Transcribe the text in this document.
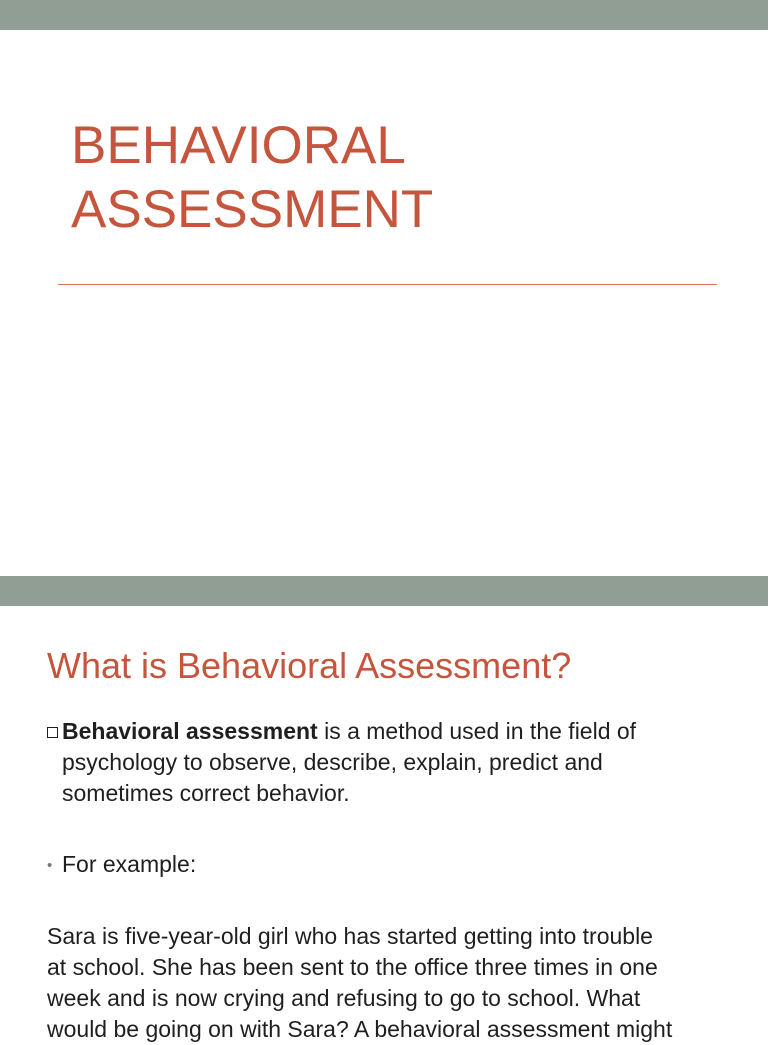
BEHAVIORAL
ASSESSMENT
What is Behavioral Assessment?
Behavioral assessment is a method used in the field of
psychology to observe, describe, explain, predict and
sometimes correct behavior.
• For example:
Sara is five-year-old girl who has started getting into trouble
at school. She has been sent to the office three times in one
week and is now crying and refusing to go to school. What
would be going on with Sara? A behavioral assessment might
